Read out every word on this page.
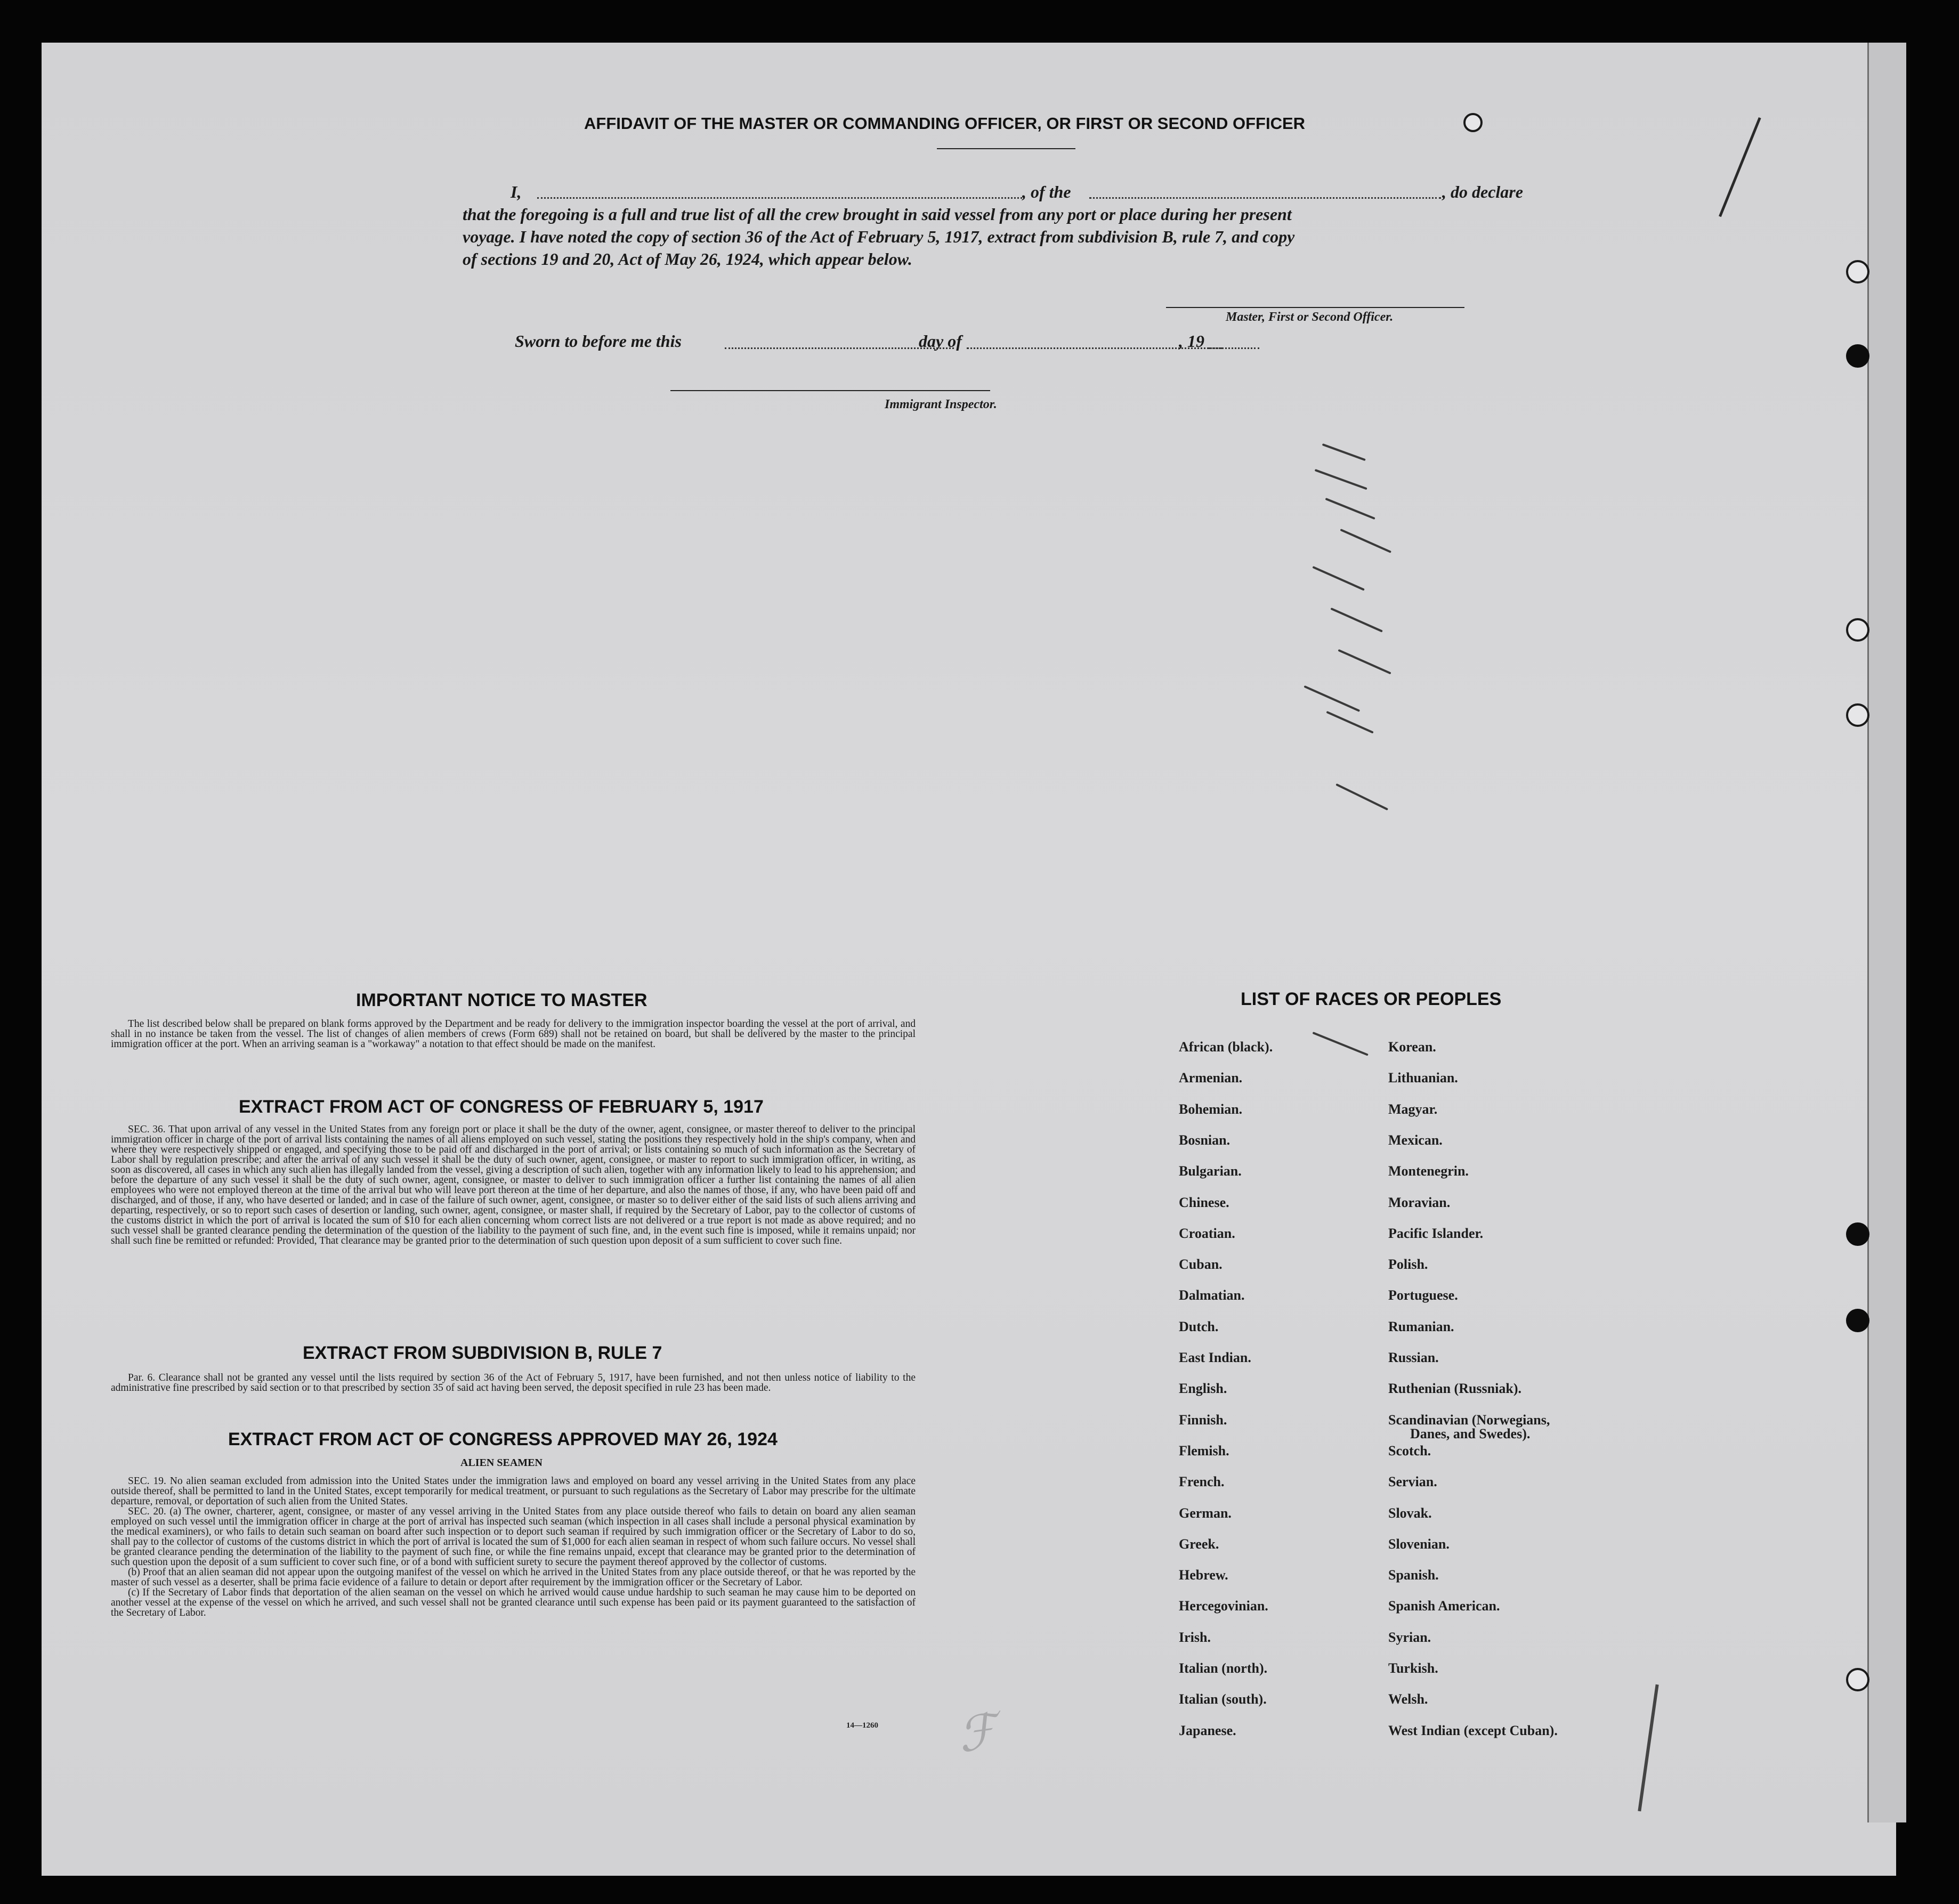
AFFIDAVIT OF THE MASTER OR COMMANDING OFFICER, OR FIRST OR SECOND OFFICER
I,	, of the	, do declare
that the foregoing is a full and true list of all the crew brought in said vessel from any port or place during her present
voyage. I have noted the copy of section 36 of the Act of February 5, 1917, extract from subdivision B, rule 7, and copy
of sections 19 and 20, Act of May 26, 1924, which appear below.
Master, First or Second Officer.
Sworn to before me this	day of	, 19
Immigrant Inspector.
IMPORTANT NOTICE TO MASTER

The list described below shall be prepared on blank forms approved by the Department and be ready for delivery to the immigration inspector boarding the vessel at the port of arrival, and shall in no instance be taken from the vessel. The list of changes of alien members of crews (Form 689) shall not be retained on board, but shall be delivered by the master to the principal immigration officer at the port. When an arriving seaman is a "workaway" a notation to that effect should be made on the manifest.

EXTRACT FROM ACT OF CONGRESS OF FEBRUARY 5, 1917

SEC. 36. That upon arrival of any vessel in the United States from any foreign port or place it shall be the duty of the owner, agent, consignee, or master thereof to deliver to the principal immigration officer in charge of the port of arrival lists containing the names of all aliens employed on such vessel, stating the positions they respectively hold in the ship's company, when and where they were respectively shipped or engaged, and specifying those to be paid off and discharged in the port of arrival; or lists containing so much of such information as the Secretary of Labor shall by regulation prescribe; and after the arrival of any such vessel it shall be the duty of such owner, agent, consignee, or master to report to such immigration officer, in writing, as soon as discovered, all cases in which any such alien has illegally landed from the vessel, giving a description of such alien, together with any information likely to lead to his apprehension; and before the departure of any such vessel it shall be the duty of such owner, agent, consignee, or master to deliver to such immigration officer a further list containing the names of all alien employees who were not employed thereon at the time of the arrival but who will leave port thereon at the time of her departure, and also the names of those, if any, who have been paid off and discharged, and of those, if any, who have deserted or landed; and in case of the failure of such owner, agent, consignee, or master so to deliver either of the said lists of such aliens arriving and departing, respectively, or so to report such cases of desertion or landing, such owner, agent, consignee, or master shall, if required by the Secretary of Labor, pay to the collector of customs of the customs district in which the port of arrival is located the sum of $10 for each alien concerning whom correct lists are not delivered or a true report is not made as above required; and no such vessel shall be granted clearance pending the determination of the question of the liability to the payment of such fine, and, in the event such fine is imposed, while it remains unpaid; nor shall such fine be remitted or refunded: Provided, That clearance may be granted prior to the determination of such question upon deposit of a sum sufficient to cover such fine.

EXTRACT FROM SUBDIVISION B, RULE 7

Par. 6. Clearance shall not be granted any vessel until the lists required by section 36 of the Act of February 5, 1917, have been furnished, and not then unless notice of liability to the administrative fine prescribed by said section or to that prescribed by section 35 of said act having been served, the deposit specified in rule 23 has been made.

EXTRACT FROM ACT OF CONGRESS APPROVED MAY 26, 1924
ALIEN SEAMEN

SEC. 19. No alien seaman excluded from admission into the United States under the immigration laws and employed on board any vessel arriving in the United States from any place outside thereof, shall be permitted to land in the United States, except temporarily for medical treatment, or pursuant to such regulations as the Secretary of Labor may prescribe for the ultimate departure, removal, or deportation of such alien from the United States.

SEC. 20. (a) The owner, charterer, agent, consignee, or master of any vessel arriving in the United States from any place outside thereof who fails to detain on board any alien seaman employed on such vessel until the immigration officer in charge at the port of arrival has inspected such seaman (which inspection in all cases shall include a personal physical examination by the medical examiners), or who fails to detain such seaman on board after such inspection or to deport such seaman if required by such immigration officer or the Secretary of Labor to do so, shall pay to the collector of customs of the customs district in which the port of arrival is located the sum of $1,000 for each alien seaman in respect of whom such failure occurs. No vessel shall be granted clearance pending the determination of the liability to the payment of such fine, or while the fine remains unpaid, except that clearance may be granted prior to the determination of such question upon the deposit of a sum sufficient to cover such fine, or of a bond with sufficient surety to secure the payment thereof approved by the collector of customs.

(b) Proof that an alien seaman did not appear upon the outgoing manifest of the vessel on which he arrived in the United States from any place outside thereof, or that he was reported by the master of such vessel as a deserter, shall be prima facie evidence of a failure to detain or deport after requirement by the immigration officer or the Secretary of Labor.

(c) If the Secretary of Labor finds that deportation of the alien seaman on the vessel on which he arrived would cause undue hardship to such seaman he may cause him to be deported on another vessel at the expense of the vessel on which he arrived, and such vessel shall not be granted clearance until such expense has been paid or its payment guaranteed to the satisfaction of the Secretary of Labor.

14—1260
LIST OF RACES OR PEOPLES
African (black).
Armenian.
Bohemian.
Bosnian.
Bulgarian.
Chinese.
Croatian.
Cuban.
Dalmatian.
Dutch.
East Indian.
English.
Finnish.
Flemish.
French.
German.
Greek.
Hebrew.
Hercegovinian.
Irish.
Italian (north).
Italian (south).
Japanese.
Korean.
Lithuanian.
Magyar.
Mexican.
Montenegrin.
Moravian.
Pacific Islander.
Polish.
Portuguese.
Rumanian.
Russian.
Ruthenian (Russniak).
Scandinavian (Norwegians,
Scotch.
Servian.
Slovak.
Slovenian.
Spanish.
Spanish American.
Syrian.
Turkish.
Welsh.
West Indian (except Cuban).
Danes, and Swedes).
ℱ
